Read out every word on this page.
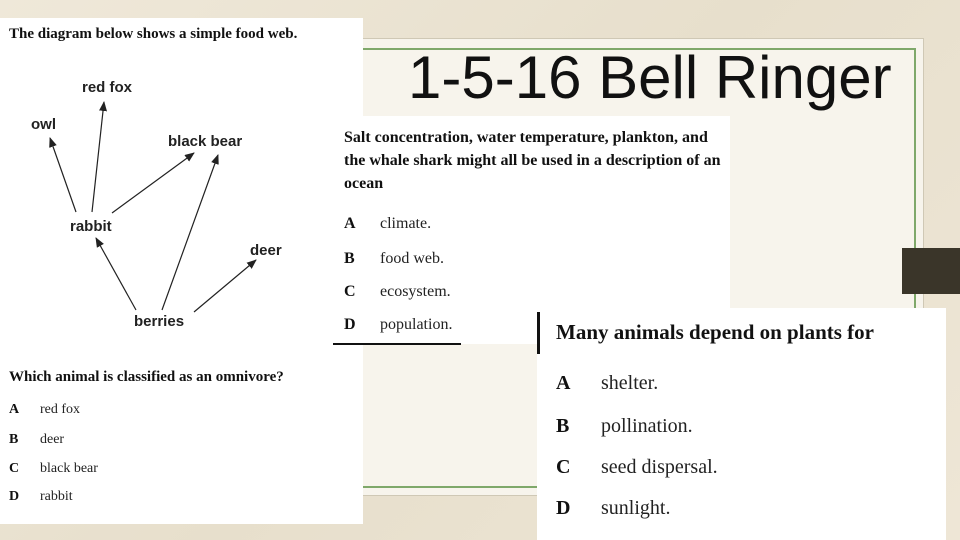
1-5-16 Bell Ringer
The diagram below shows a simple food web.
red fox
owl
black bear
rabbit
deer
berries
Which animal is classified as an omnivore?
A red fox
B deer
C black bear
D rabbit
Salt concentration, water temperature, plankton, and the whale shark might all be used in a description of an ocean
A climate.
B food web.
C ecosystem.
D population.	Many animals depend on plants for
A shelter.
B pollination.
C seed dispersal.
D sunlight.
